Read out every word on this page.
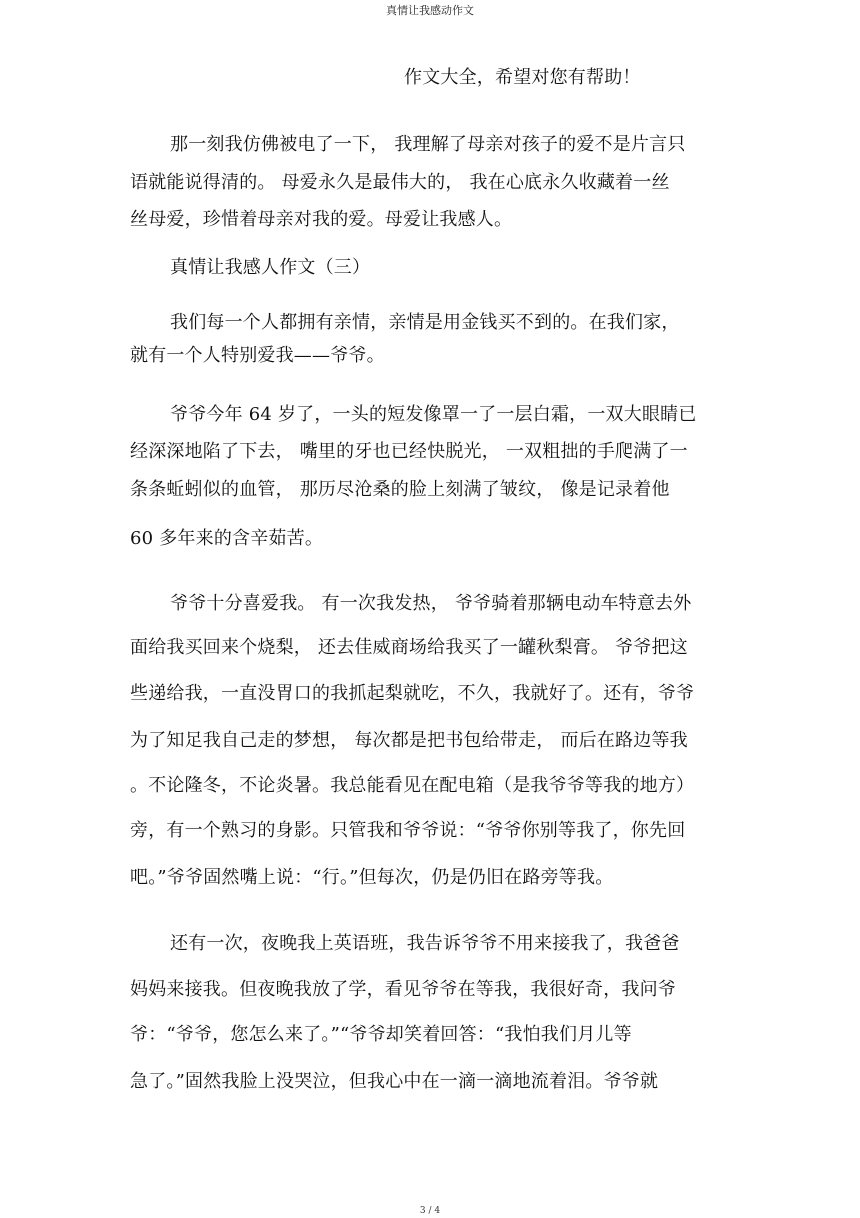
真情让我感动作文
作文大全，希望对您有帮助！
那一刻我仿佛被电了一下， 我理解了母亲对孩子的爱不是片言只
语就能说得清的。 母爱永久是最伟大的， 我在心底永久收藏着一丝
丝母爱，珍惜着母亲对我的爱。母爱让我感人。
真情让我感人作文（三）
我们每一个人都拥有亲情，亲情是用金钱买不到的。在我们家，
就有一个人特别爱我——爷爷。
爷爷今年 64 岁了，一头的短发像罩一了一层白霜，一双大眼睛已
经深深地陷了下去， 嘴里的牙也已经快脱光， 一双粗拙的手爬满了一
条条蚯蚓似的血管， 那历尽沧桑的脸上刻满了皱纹， 像是记录着他
60 多年来的含辛茹苦。
爷爷十分喜爱我。 有一次我发热， 爷爷骑着那辆电动车特意去外
面给我买回来个烧梨， 还去佳威商场给我买了一罐秋梨膏。 爷爷把这
些递给我，一直没胃口的我抓起梨就吃，不久，我就好了。还有，爷爷
为了知足我自己走的梦想， 每次都是把书包给带走， 而后在路边等我
。不论隆冬，不论炎暑。我总能看见在配电箱（是我爷爷等我的地方）
旁，有一个熟习的身影。只管我和爷爷说：“爷爷你别等我了，你先回
吧。”爷爷固然嘴上说：“行。”但每次，仍是仍旧在路旁等我。
还有一次，夜晚我上英语班，我告诉爷爷不用来接我了，我爸爸
妈妈来接我。但夜晚我放了学，看见爷爷在等我，我很好奇，我问爷
爷：“爷爷，您怎么来了。”“爷爷却笑着回答：“我怕我们月儿等
急了。”固然我脸上没哭泣，但我心中在一滴一滴地流着泪。爷爷就
3 / 4
